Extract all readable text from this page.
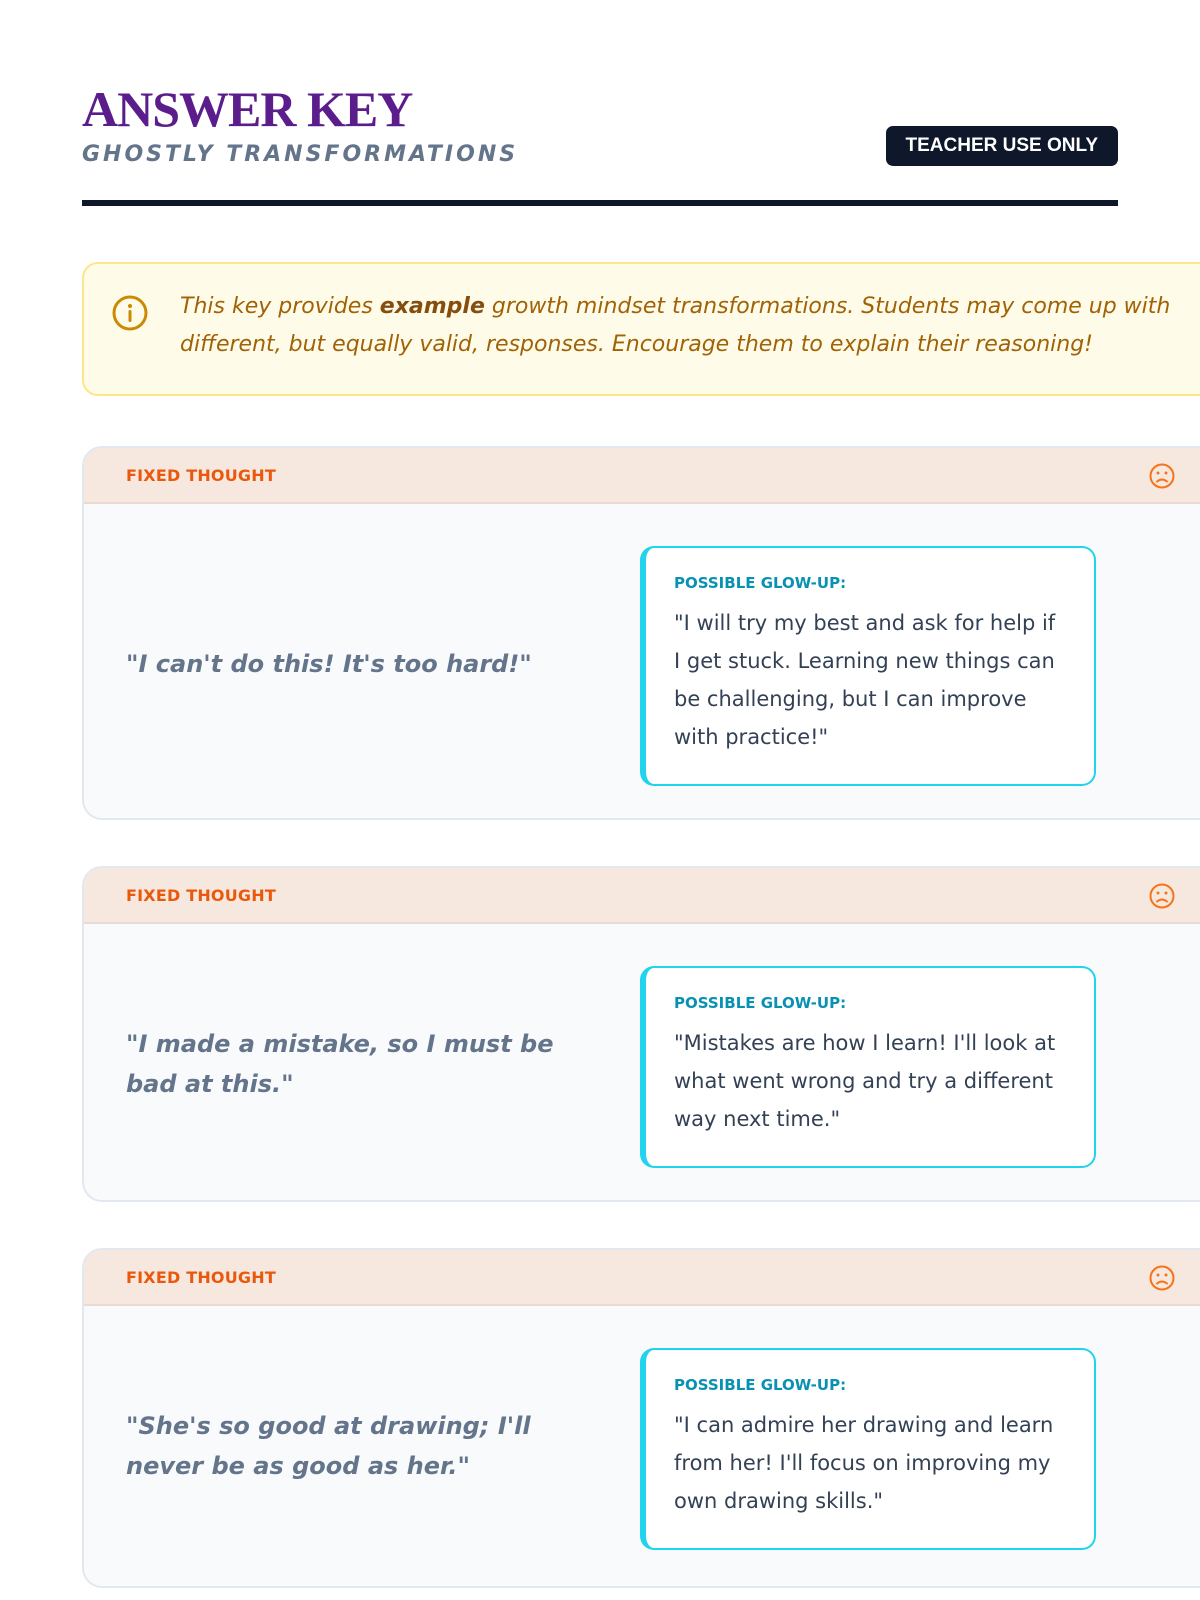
ANSWER KEY
GHOSTLY TRANSFORMATIONS	TEACHER USE ONLY
This key provides example growth mindset transformations. Students may come up with different, but equally valid, responses. Encourage them to explain their reasoning!
FIXED THOUGHT
"I can't do this! It's too hard!"
POSSIBLE GLOW-UP:
"I will try my best and ask for help if I get stuck. Learning new things can be challenging, but I can improve with practice!"
FIXED THOUGHT
"I made a mistake, so I must be bad at this."
POSSIBLE GLOW-UP:
"Mistakes are how I learn! I'll look at what went wrong and try a different way next time."
FIXED THOUGHT
"She's so good at drawing; I'll never be as good as her."
POSSIBLE GLOW-UP:
"I can admire her drawing and learn from her! I'll focus on improving my own drawing skills."
